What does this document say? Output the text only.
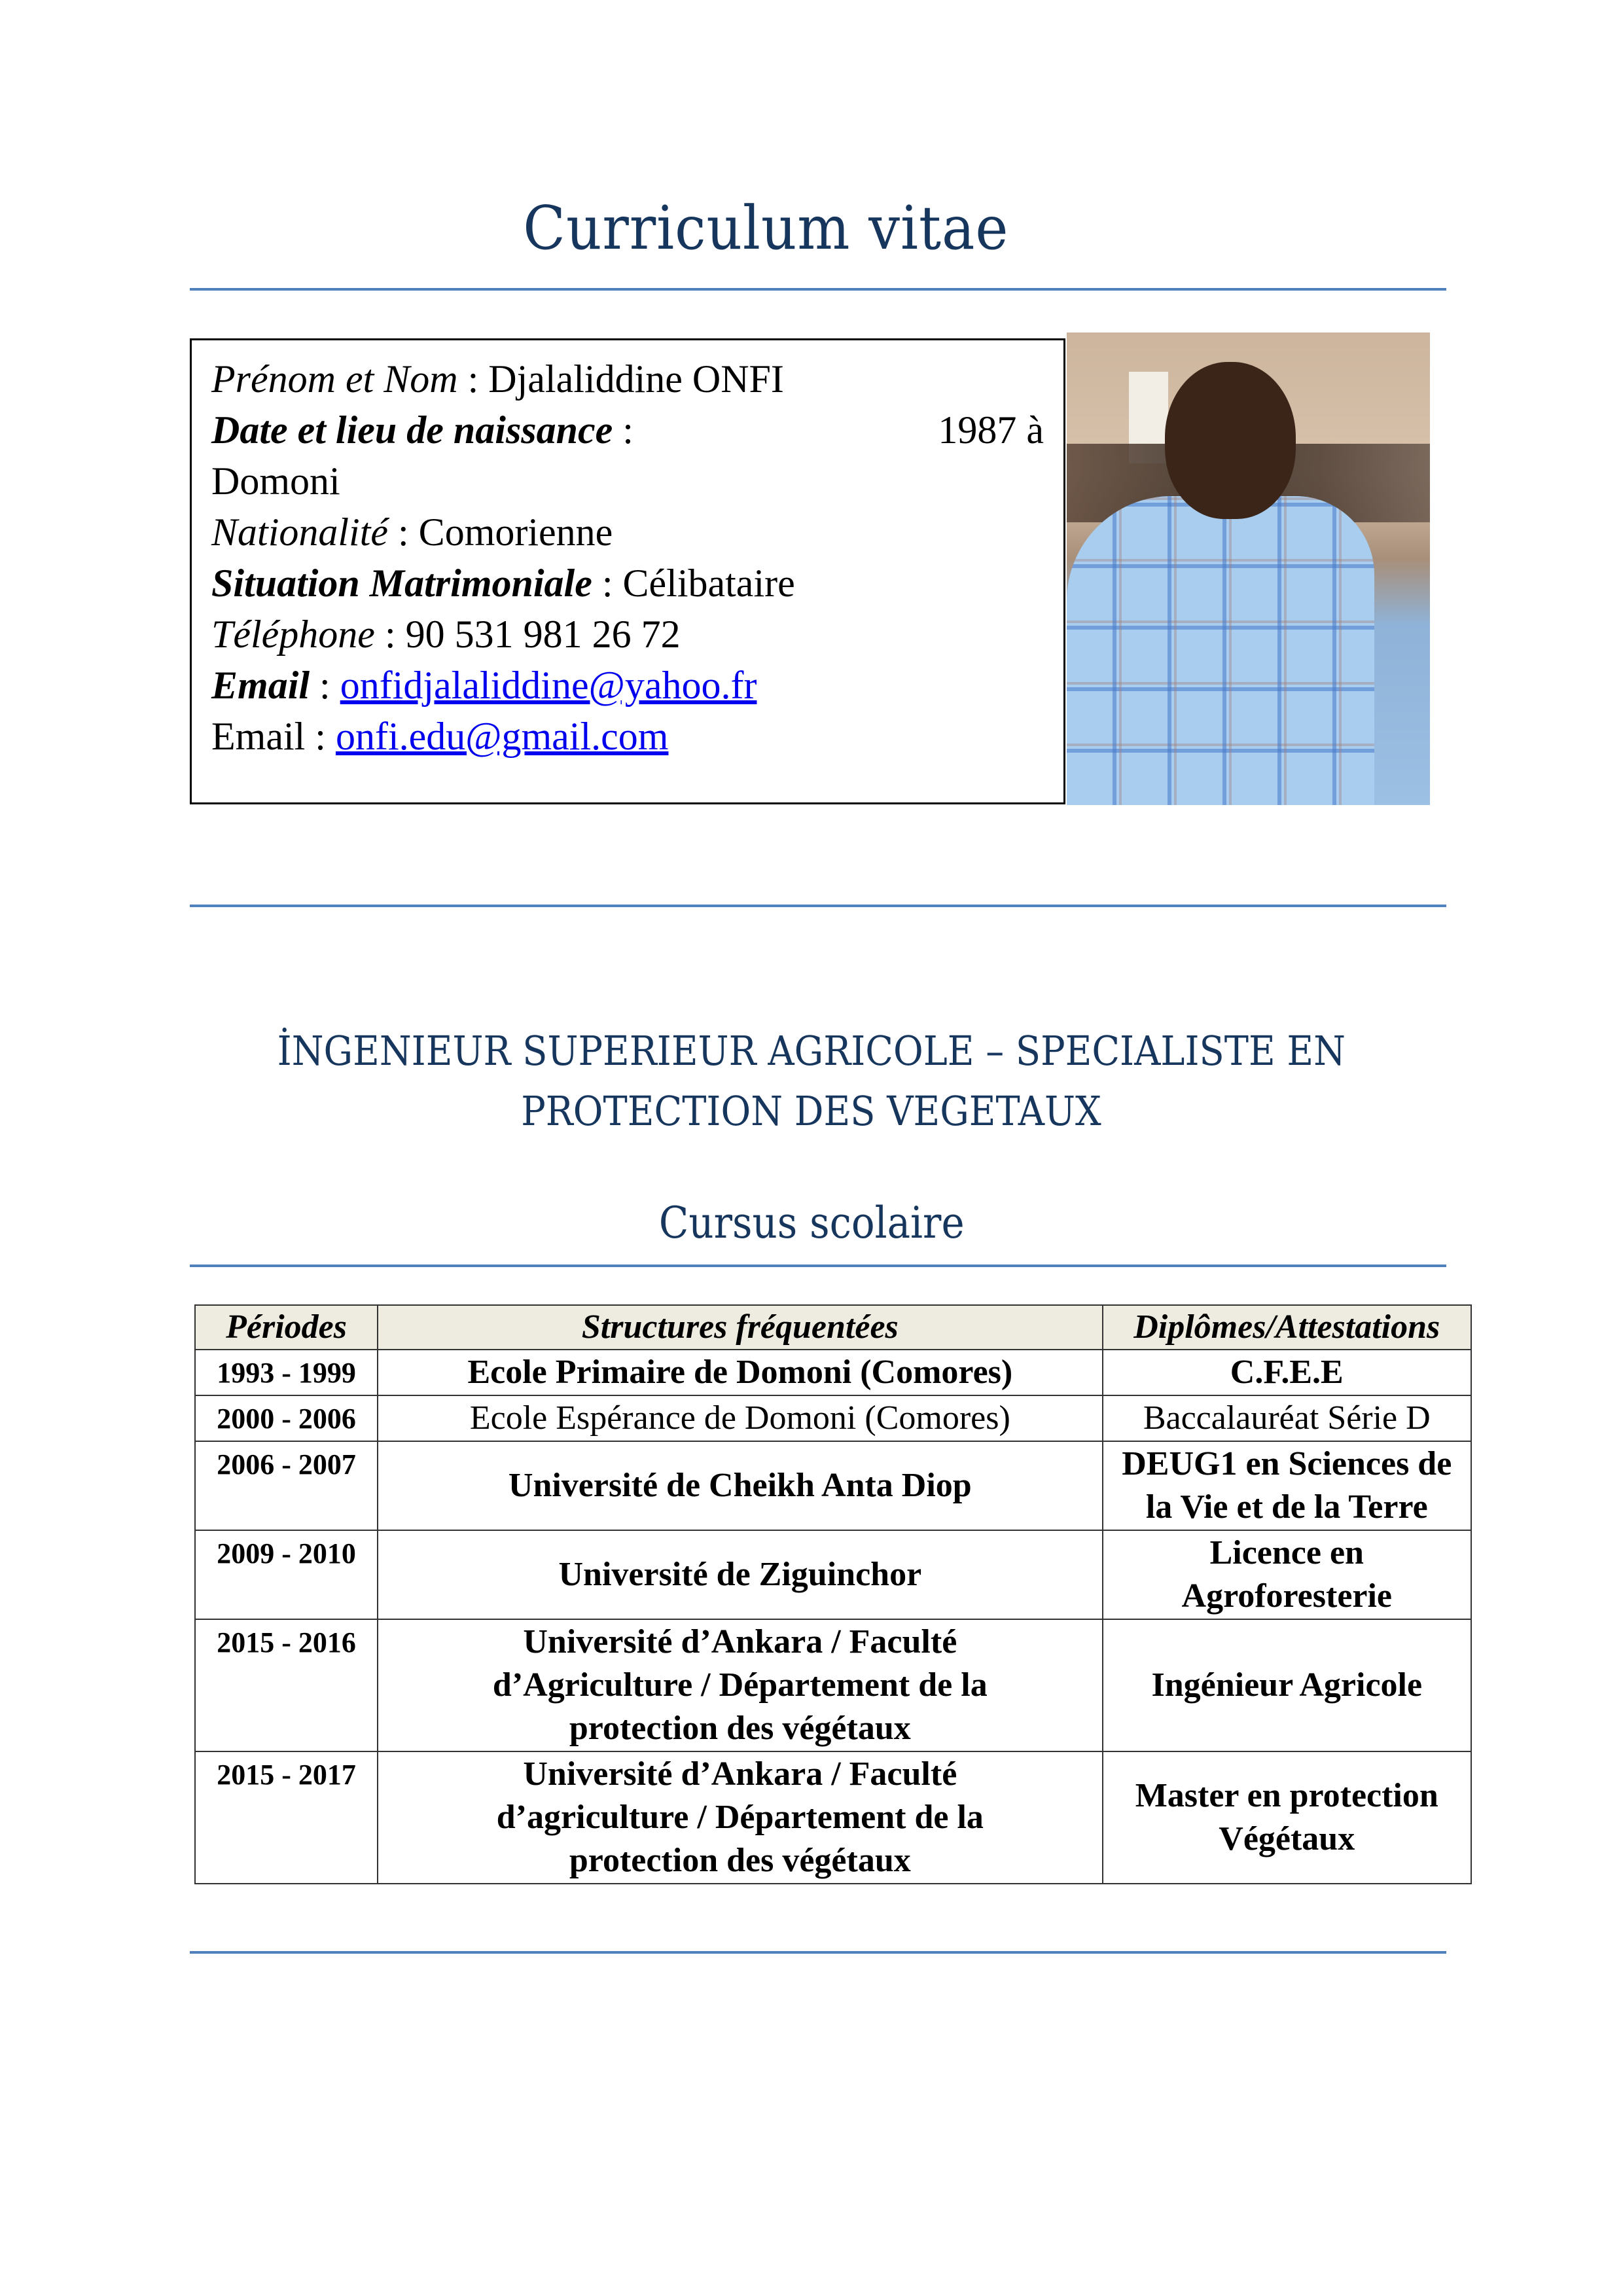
Curriculum vitae
Prénom et Nom : Djalaliddine ONFI
Date et lieu de naissance :	1987 à
Domoni
Nationalité : Comorienne
Situation Matrimoniale : Célibataire
Téléphone : 90 531 981 26 72
Email : onfidjalaliddine@yahoo.fr
Email : onfi.edu@gmail.com
İNGENIEUR SUPERIEUR AGRICOLE – SPECIALISTE EN
PROTECTION DES VEGETAUX
Cursus scolaire
Périodes	Structures fréquentées	Diplômes/Attestations
1993 - 1999	Ecole Primaire de Domoni (Comores)	C.F.E.E
2000 - 2006	Ecole Espérance de Domoni (Comores)	Baccalauréat Série D
2006 - 2007	Université de Cheikh Anta Diop	DEUG1 en Sciences de la Vie et de la Terre
2009 - 2010	Université de Ziguinchor	Licence en Agroforesterie
2015 - 2016	Université d’Ankara / Faculté d’Agriculture / Département de la protection des végétaux	Ingénieur Agricole
2015 - 2017	Université d’Ankara / Faculté d’agriculture / Département de la protection des végétaux	Master en protection Végétaux
